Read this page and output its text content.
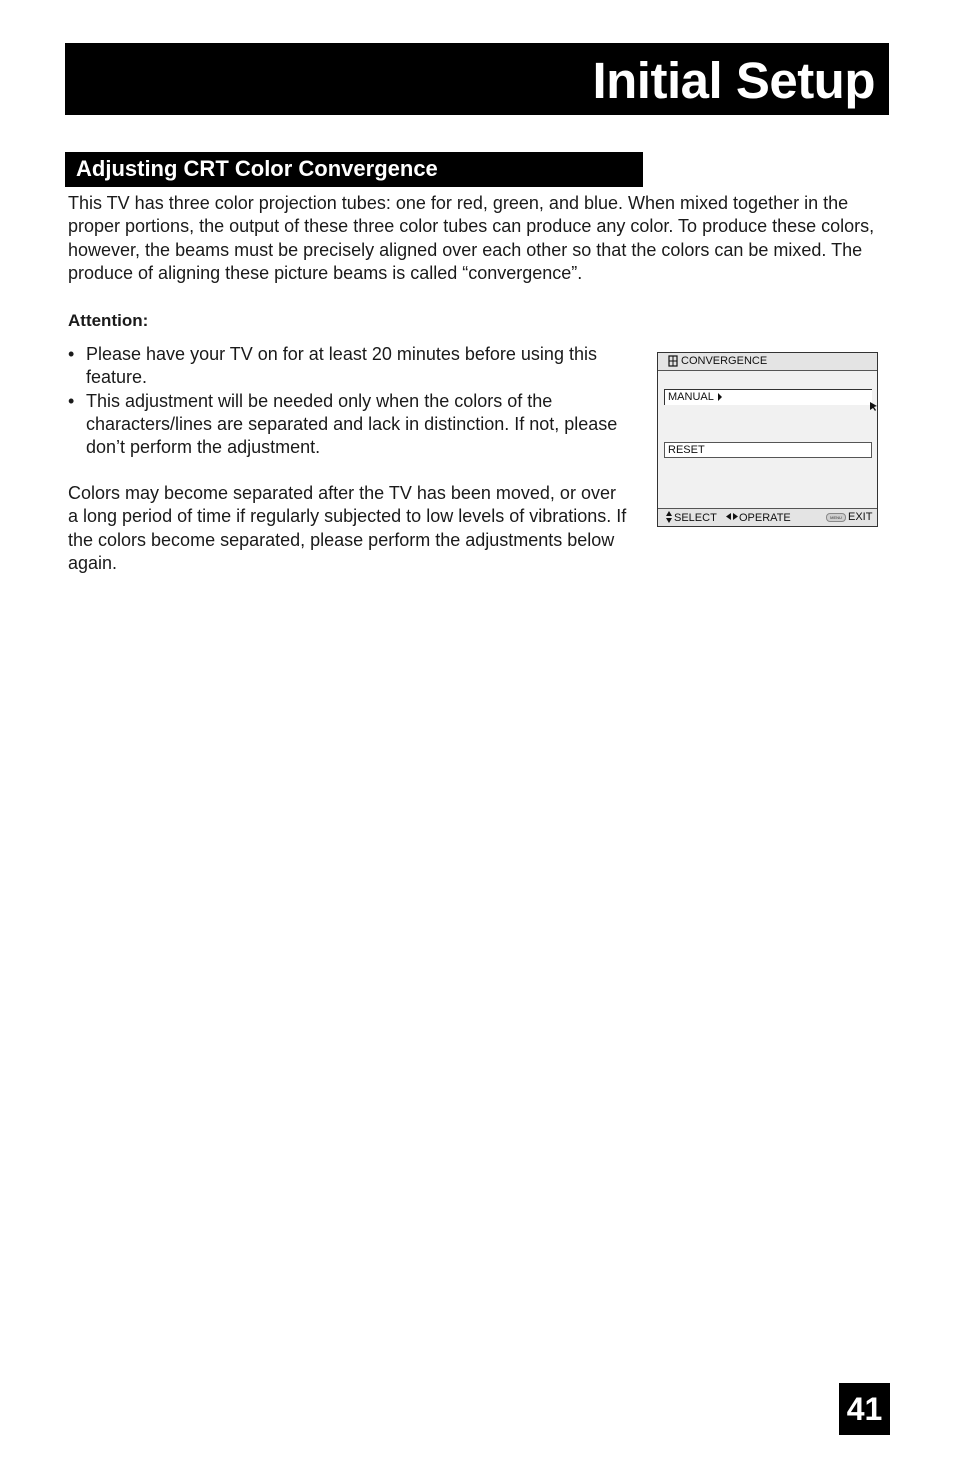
Initial Setup
Adjusting CRT Color Convergence

This TV has three color projection tubes: one for red, green, and blue. When mixed together in the proper portions, the output of these three color tubes can produce any color. To produce these colors, however, the beams must be precisely aligned over each other so that the colors can be mixed. The produce of aligning these picture beams is called “convergence”.

Attention:

• Please have your TV on for at least 20 minutes before using this feature.
• This adjustment will be needed only when the colors of the characters/lines are separated and lack in distinction. If not, please don’t perform the adjustment.

Colors may become separated after the TV has been moved, or over a long period of time if regularly subjected to low levels of vibrations. If the colors become separated, please perform the adjustments below again.

CONVERGENCE
MANUAL
RESET
SELECT OPERATE	MENU EXIT
41
